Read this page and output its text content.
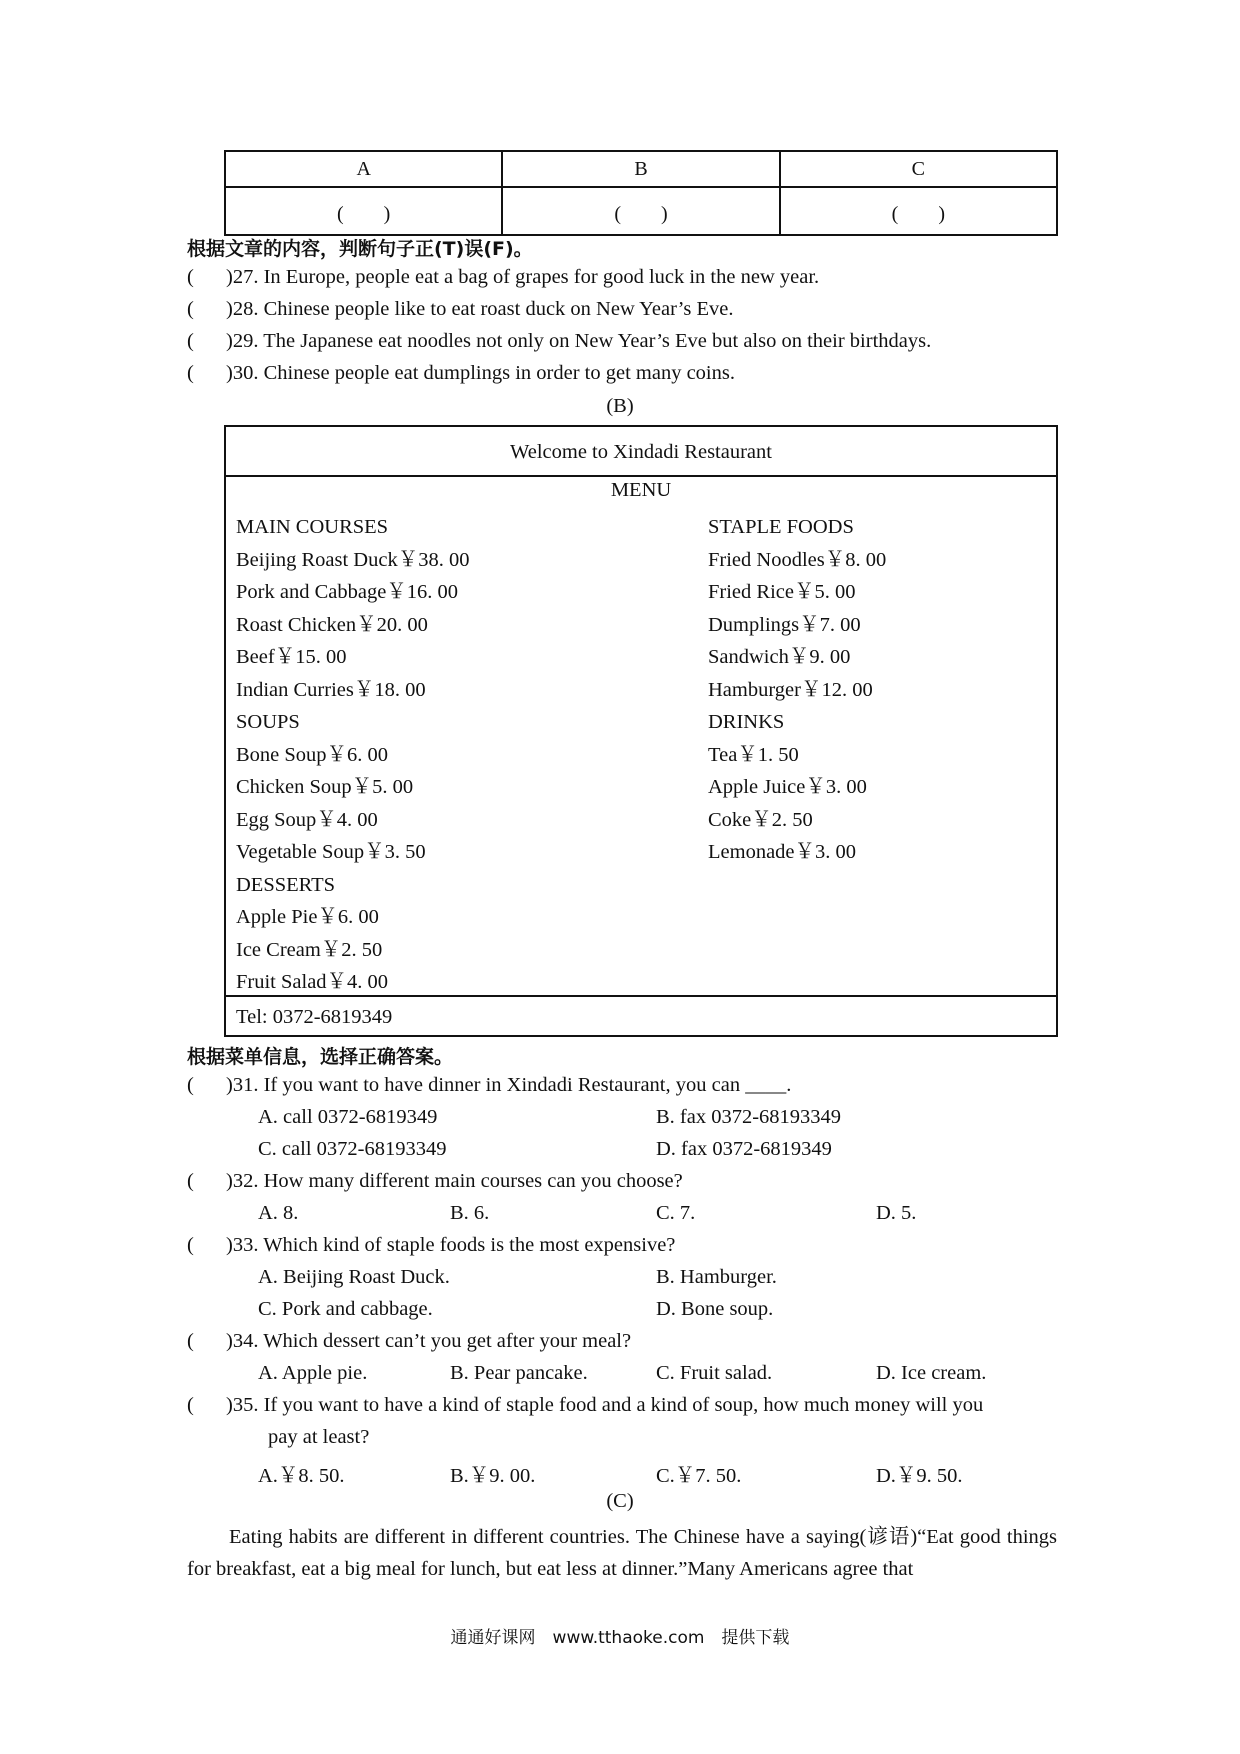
A	B	C
(　　)	(　　)	(　　)
根据文章的内容，判断句子正(T)误(F)。
( )27. In Europe, people eat a bag of grapes for good luck in the new year.
( )28. Chinese people like to eat roast duck on New Year’s Eve.
( )29. The Japanese eat noodles not only on New Year’s Eve but also on their birthdays.
( )30. Chinese people eat dumplings in order to get many coins.
(B)
Welcome to Xindadi Restaurant
MENU
MAIN COURSES
Beijing Roast Duck￥38. 00
Pork and Cabbage￥16. 00
Roast Chicken￥20. 00
Beef￥15. 00
Indian Curries￥18. 00
SOUPS
Bone Soup￥6. 00
Chicken Soup￥5. 00
Egg Soup￥4. 00
Vegetable Soup￥3. 50
DESSERTS
Apple Pie￥6. 00
Ice Cream￥2. 50
Fruit Salad￥4. 00
STAPLE FOODS
Fried Noodles￥8. 00
Fried Rice￥5. 00
Dumplings￥7. 00
Sandwich￥9. 00
Hamburger￥12. 00
DRINKS
Tea￥1. 50
Apple Juice￥3. 00
Coke￥2. 50
Lemonade￥3. 00
Tel: 0372-6819349
根据菜单信息，选择正确答案。
( )31. If you want to have dinner in Xindadi Restaurant, you can ____.
A. call 0372-6819349	B. fax 0372-68193349
C. call 0372-68193349	D. fax 0372-6819349
( )32. How many different main courses can you choose?
A. 8.	B. 6.	C. 7.	D. 5.
( )33. Which kind of staple foods is the most expensive?
A. Beijing Roast Duck.	B. Hamburger.
C. Pork and cabbage.	D. Bone soup.
( )34. Which dessert can’t you get after your meal?
A. Apple pie.	B. Pear pancake.	C. Fruit salad.	D. Ice cream.
( )35. If you want to have a kind of staple food and a kind of soup, how much money will you
pay at least?
A.￥8. 50.	B.￥9. 00.	C.￥7. 50.	D.￥9. 50.
(C)
Eating habits are different in different countries. The Chinese have a saying(谚语)“Eat good things for breakfast, eat a big meal for lunch, but eat less at dinner.”Many Americans agree that
通通好课网　www.tthaoke.com　提供下载
